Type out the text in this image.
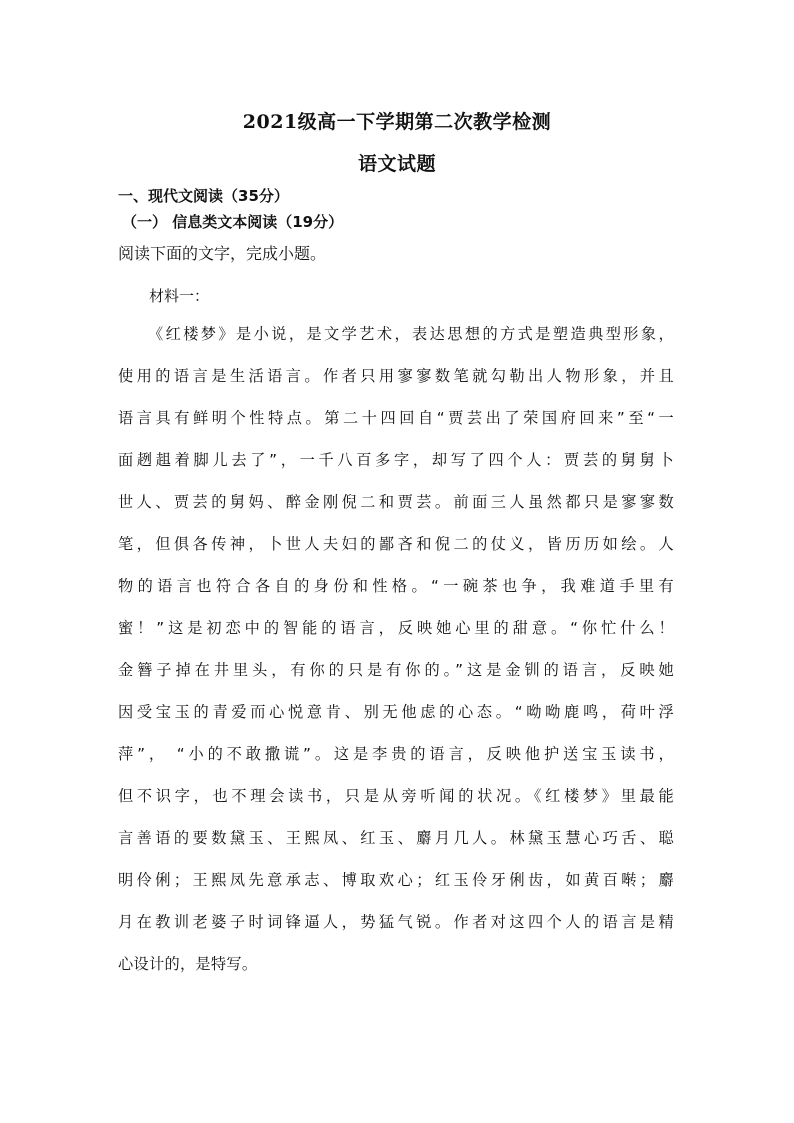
2021级高一下学期第二次教学检测
语文试题
一、现代文阅读（35分）
（一） 信息类文本阅读（19分）
阅读下面的文字，完成小题。
材料一：
《红楼梦》是小说，是文学艺术，表达思想的方式是塑造典型形象，
使用的语言是生活语言。作者只用寥寥数笔就勾勒出人物形象，并且
语言具有鲜明个性特点。第二十四回自“贾芸出了荣国府回来”至“一
面趔趄着脚儿去了”，一千八百多字，却写了四个人：贾芸的舅舅卜
世人、贾芸的舅妈、醉金刚倪二和贾芸。前面三人虽然都只是寥寥数
笔，但俱各传神，卜世人夫妇的鄙吝和倪二的仗义，皆历历如绘。人
物的语言也符合各自的身份和性格。“一碗茶也争，我难道手里有
蜜！”这是初恋中的智能的语言，反映她心里的甜意。“你忙什么！
金簪子掉在井里头，有你的只是有你的。”这是金钏的语言，反映她
因受宝玉的青爱而心悦意肯、别无他虑的心态。“呦呦鹿鸣，荷叶浮
萍”， “小的不敢撒谎”。这是李贵的语言，反映他护送宝玉读书，
但不识字，也不理会读书，只是从旁听闻的状况。《红楼梦》里最能
言善语的要数黛玉、王熙凤、红玉、麝月几人。林黛玉慧心巧舌、聪
明伶俐；王熙凤先意承志、博取欢心；红玉伶牙俐齿，如黄百啭；麝
月在教训老婆子时词锋逼人，势猛气锐。作者对这四个人的语言是精
心设计的，是特写。
